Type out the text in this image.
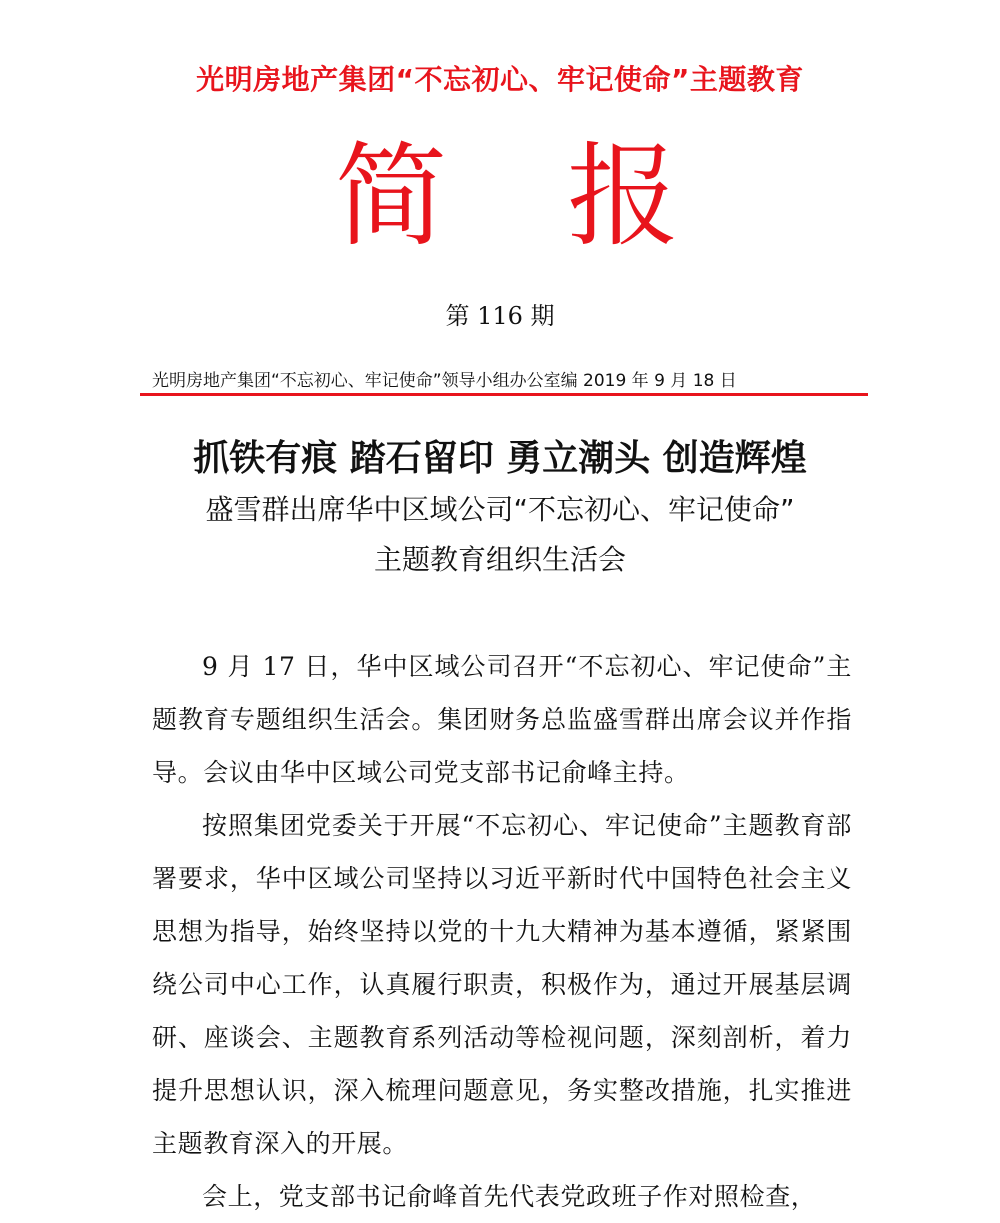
光明房地产集团“不忘初心、牢记使命”主题教育
简 报
第 116 期
光明房地产集团“不忘初心、牢记使命”领导小组办公室编 2019 年 9 月 18 日
抓铁有痕 踏石留印 勇立潮头 创造辉煌
盛雪群出席华中区域公司“不忘初心、牢记使命”
主题教育组织生活会

9 月 17 日，华中区域公司召开“不忘初心、牢记使命”主题教育专题组织生活会。集团财务总监盛雪群出席会议并作指导。会议由华中区域公司党支部书记俞峰主持。

按照集团党委关于开展“不忘初心、牢记使命”主题教育部署要求，华中区域公司坚持以习近平新时代中国特色社会主义思想为指导，始终坚持以党的十九大精神为基本遵循，紧紧围绕公司中心工作，认真履行职责，积极作为，通过开展基层调研、座谈会、主题教育系列活动等检视问题，深刻剖析，着力提升思想认识，深入梳理问题意见，务实整改措施，扎实推进主题教育深入的开展。

会上，党支部书记俞峰首先代表党政班子作对照检查，
